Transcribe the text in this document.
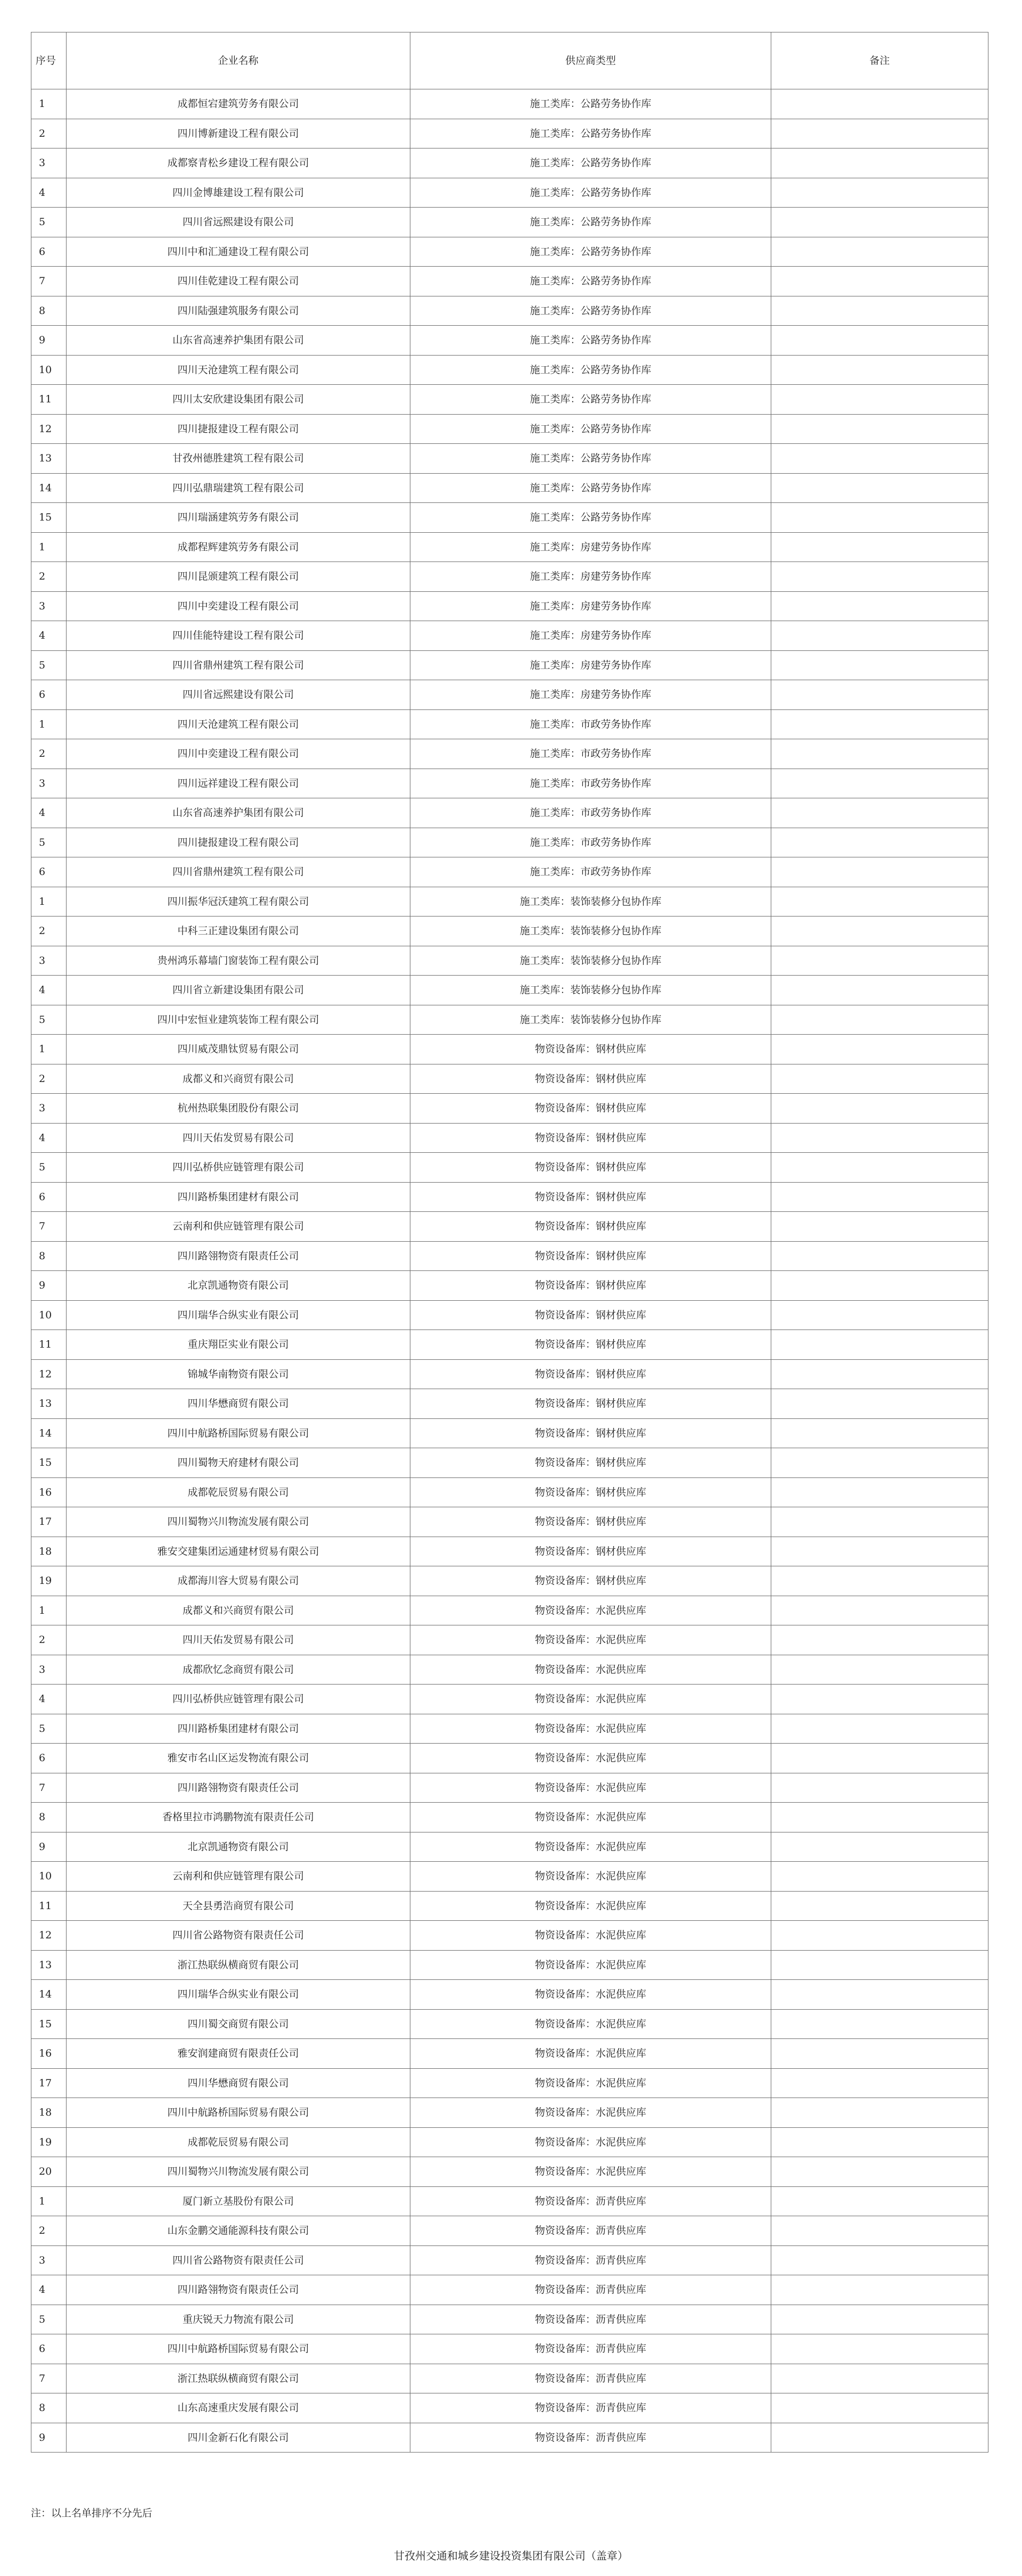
序号	企业名称	供应商类型	备注
1	成都恒宕建筑劳务有限公司	施工类库：公路劳务协作库	
2	四川博新建设工程有限公司	施工类库：公路劳务协作库	
3	成都察青松乡建设工程有限公司	施工类库：公路劳务协作库	
4	四川金博雄建设工程有限公司	施工类库：公路劳务协作库	
5	四川省远熙建设有限公司	施工类库：公路劳务协作库	
6	四川中和汇通建设工程有限公司	施工类库：公路劳务协作库	
7	四川佳乾建设工程有限公司	施工类库：公路劳务协作库	
8	四川陆强建筑服务有限公司	施工类库：公路劳务协作库	
9	山东省高速养护集团有限公司	施工类库：公路劳务协作库	
10	四川天沧建筑工程有限公司	施工类库：公路劳务协作库	
11	四川太安欣建设集团有限公司	施工类库：公路劳务协作库	
12	四川捷报建设工程有限公司	施工类库：公路劳务协作库	
13	甘孜州德胜建筑工程有限公司	施工类库：公路劳务协作库	
14	四川弘鼎瑞建筑工程有限公司	施工类库：公路劳务协作库	
15	四川瑞涵建筑劳务有限公司	施工类库：公路劳务协作库	
1	成都程辉建筑劳务有限公司	施工类库：房建劳务协作库	
2	四川昆颁建筑工程有限公司	施工类库：房建劳务协作库	
3	四川中奕建设工程有限公司	施工类库：房建劳务协作库	
4	四川佳能特建设工程有限公司	施工类库：房建劳务协作库	
5	四川省鼎州建筑工程有限公司	施工类库：房建劳务协作库	
6	四川省远熙建设有限公司	施工类库：房建劳务协作库	
1	四川天沧建筑工程有限公司	施工类库：市政劳务协作库	
2	四川中奕建设工程有限公司	施工类库：市政劳务协作库	
3	四川远祥建设工程有限公司	施工类库：市政劳务协作库	
4	山东省高速养护集团有限公司	施工类库：市政劳务协作库	
5	四川捷报建设工程有限公司	施工类库：市政劳务协作库	
6	四川省鼎州建筑工程有限公司	施工类库：市政劳务协作库	
1	四川振华冠沃建筑工程有限公司	施工类库：装饰装修分包协作库	
2	中科三正建设集团有限公司	施工类库：装饰装修分包协作库	
3	贵州鸿乐幕墙门窗装饰工程有限公司	施工类库：装饰装修分包协作库	
4	四川省立新建设集团有限公司	施工类库：装饰装修分包协作库	
5	四川中宏恒业建筑装饰工程有限公司	施工类库：装饰装修分包协作库	
1	四川威茂鼎钛贸易有限公司	物资设备库：钢材供应库	
2	成都义和兴商贸有限公司	物资设备库：钢材供应库	
3	杭州热联集团股份有限公司	物资设备库：钢材供应库	
4	四川天佑发贸易有限公司	物资设备库：钢材供应库	
5	四川弘桥供应链管理有限公司	物资设备库：钢材供应库	
6	四川路桥集团建材有限公司	物资设备库：钢材供应库	
7	云南利和供应链管理有限公司	物资设备库：钢材供应库	
8	四川路翎物资有限责任公司	物资设备库：钢材供应库	
9	北京凯通物资有限公司	物资设备库：钢材供应库	
10	四川瑞华合纵实业有限公司	物资设备库：钢材供应库	
11	重庆翔臣实业有限公司	物资设备库：钢材供应库	
12	锦城华南物资有限公司	物资设备库：钢材供应库	
13	四川华懋商贸有限公司	物资设备库：钢材供应库	
14	四川中航路桥国际贸易有限公司	物资设备库：钢材供应库	
15	四川蜀物天府建材有限公司	物资设备库：钢材供应库	
16	成都乾辰贸易有限公司	物资设备库：钢材供应库	
17	四川蜀物兴川物流发展有限公司	物资设备库：钢材供应库	
18	雅安交建集团运通建材贸易有限公司	物资设备库：钢材供应库	
19	成都海川容大贸易有限公司	物资设备库：钢材供应库	
1	成都义和兴商贸有限公司	物资设备库：水泥供应库	
2	四川天佑发贸易有限公司	物资设备库：水泥供应库	
3	成都欣忆念商贸有限公司	物资设备库：水泥供应库	
4	四川弘桥供应链管理有限公司	物资设备库：水泥供应库	
5	四川路桥集团建材有限公司	物资设备库：水泥供应库	
6	雅安市名山区运发物流有限公司	物资设备库：水泥供应库	
7	四川路翎物资有限责任公司	物资设备库：水泥供应库	
8	香格里拉市鸿鹏物流有限责任公司	物资设备库：水泥供应库	
9	北京凯通物资有限公司	物资设备库：水泥供应库	
10	云南利和供应链管理有限公司	物资设备库：水泥供应库	
11	天全县勇浩商贸有限公司	物资设备库：水泥供应库	
12	四川省公路物资有限责任公司	物资设备库：水泥供应库	
13	浙江热联纵横商贸有限公司	物资设备库：水泥供应库	
14	四川瑞华合纵实业有限公司	物资设备库：水泥供应库	
15	四川蜀交商贸有限公司	物资设备库：水泥供应库	
16	雅安润建商贸有限责任公司	物资设备库：水泥供应库	
17	四川华懋商贸有限公司	物资设备库：水泥供应库	
18	四川中航路桥国际贸易有限公司	物资设备库：水泥供应库	
19	成都乾辰贸易有限公司	物资设备库：水泥供应库	
20	四川蜀物兴川物流发展有限公司	物资设备库：水泥供应库	
1	厦门新立基股份有限公司	物资设备库：沥青供应库	
2	山东金鹏交通能源科技有限公司	物资设备库：沥青供应库	
3	四川省公路物资有限责任公司	物资设备库：沥青供应库	
4	四川路翎物资有限责任公司	物资设备库：沥青供应库	
5	重庆锐天力物流有限公司	物资设备库：沥青供应库	
6	四川中航路桥国际贸易有限公司	物资设备库：沥青供应库	
7	浙江热联纵横商贸有限公司	物资设备库：沥青供应库	
8	山东高速重庆发展有限公司	物资设备库：沥青供应库	
9	四川金新石化有限公司	物资设备库：沥青供应库	
注：以上名单排序不分先后
甘孜州交通和城乡建设投资集团有限公司（盖章）
